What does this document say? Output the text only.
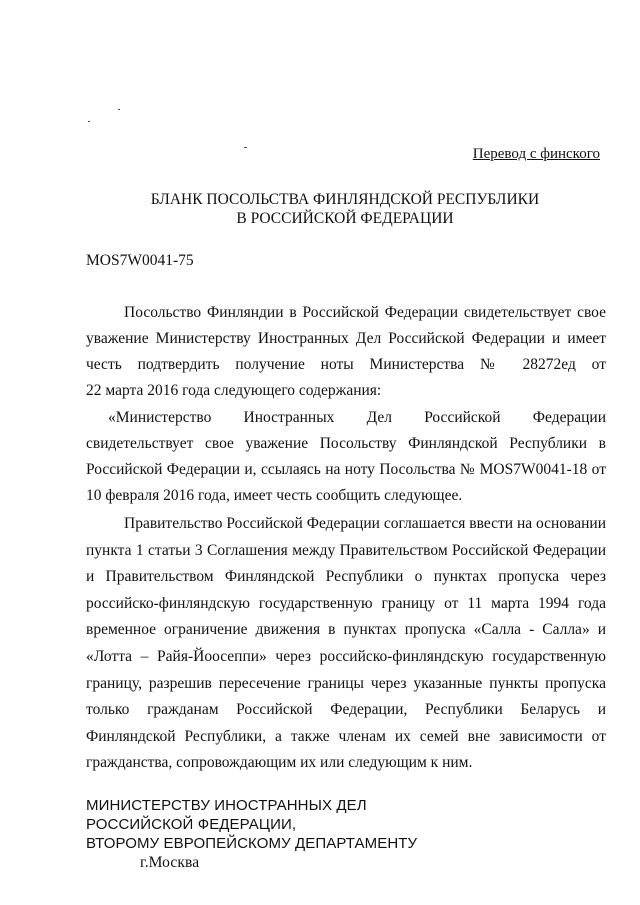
Перевод с финского
БЛАНК ПОСОЛЬСТВА ФИНЛЯНДСКОЙ РЕСПУБЛИКИ
В РОССИЙСКОЙ ФЕДЕРАЦИИ
MOS7W0041-75
Посольство Финляндии в Российской Федерации свидетельствует свое
уважение Министерству Иностранных Дел Российской Федерации и имеет
честь подтвердить получение ноты Министерства № 28272ед от
22 марта 2016 года следующего содержания:
«Министерство Иностранных Дел Российской Федерации
свидетельствует свое уважение Посольству Финляндской Республики в
Российской Федерации и, ссылаясь на ноту Посольства № MOS7W0041-18 от
10 февраля 2016 года, имеет честь сообщить следующее.
Правительство Российской Федерации соглашается ввести на основании
пункта 1 статьи 3 Соглашения между Правительством Российской Федерации
и Правительством Финляндской Республики о пунктах пропуска через
российско-финляндскую государственную границу от 11 марта 1994 года
временное ограничение движения в пунктах пропуска «Салла - Салла» и
«Лотта – Райя-Йоосеппи» через российско-финляндскую государственную
границу, разрешив пересечение границы через указанные пункты пропуска
только гражданам Российской Федерации, Республики Беларусь и
Финляндской Республики, а также членам их семей вне зависимости от
гражданства, сопровождающим их или следующим к ним.
МИНИСТЕРСТВУ ИНОСТРАННЫХ ДЕЛ
РОССИЙСКОЙ ФЕДЕРАЦИИ,
ВТОРОМУ ЕВРОПЕЙСКОМУ ДЕПАРТАМЕНТУ
г.Москва
